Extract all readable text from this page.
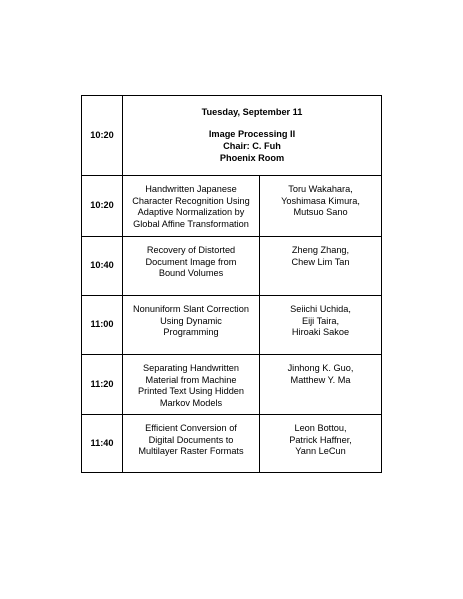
10:20	Tuesday, September 11
Image Processing II
Chair: C. Fuh
Phoenix Room	

10:20	Handwritten Japanese
Character Recognition Using
Adaptive Normalization by
Global Affine Transformation	Toru Wakahara,
Yoshimasa Kimura,
Mutsuo Sano

10:40	Recovery of Distorted
Document Image from
Bound Volumes	Zheng Zhang,
Chew Lim Tan

11:00	Nonuniform Slant Correction
Using Dynamic
Programming	Seiichi Uchida,
Eiji Taira,
Hiroaki Sakoe

11:20	Separating Handwritten
Material from Machine
Printed Text Using Hidden
Markov Models	Jinhong K. Guo,
Matthew Y. Ma

11:40	Efficient Conversion of
Digital Documents to
Multilayer Raster Formats	Leon Bottou,
Patrick Haffner,
Yann LeCun
